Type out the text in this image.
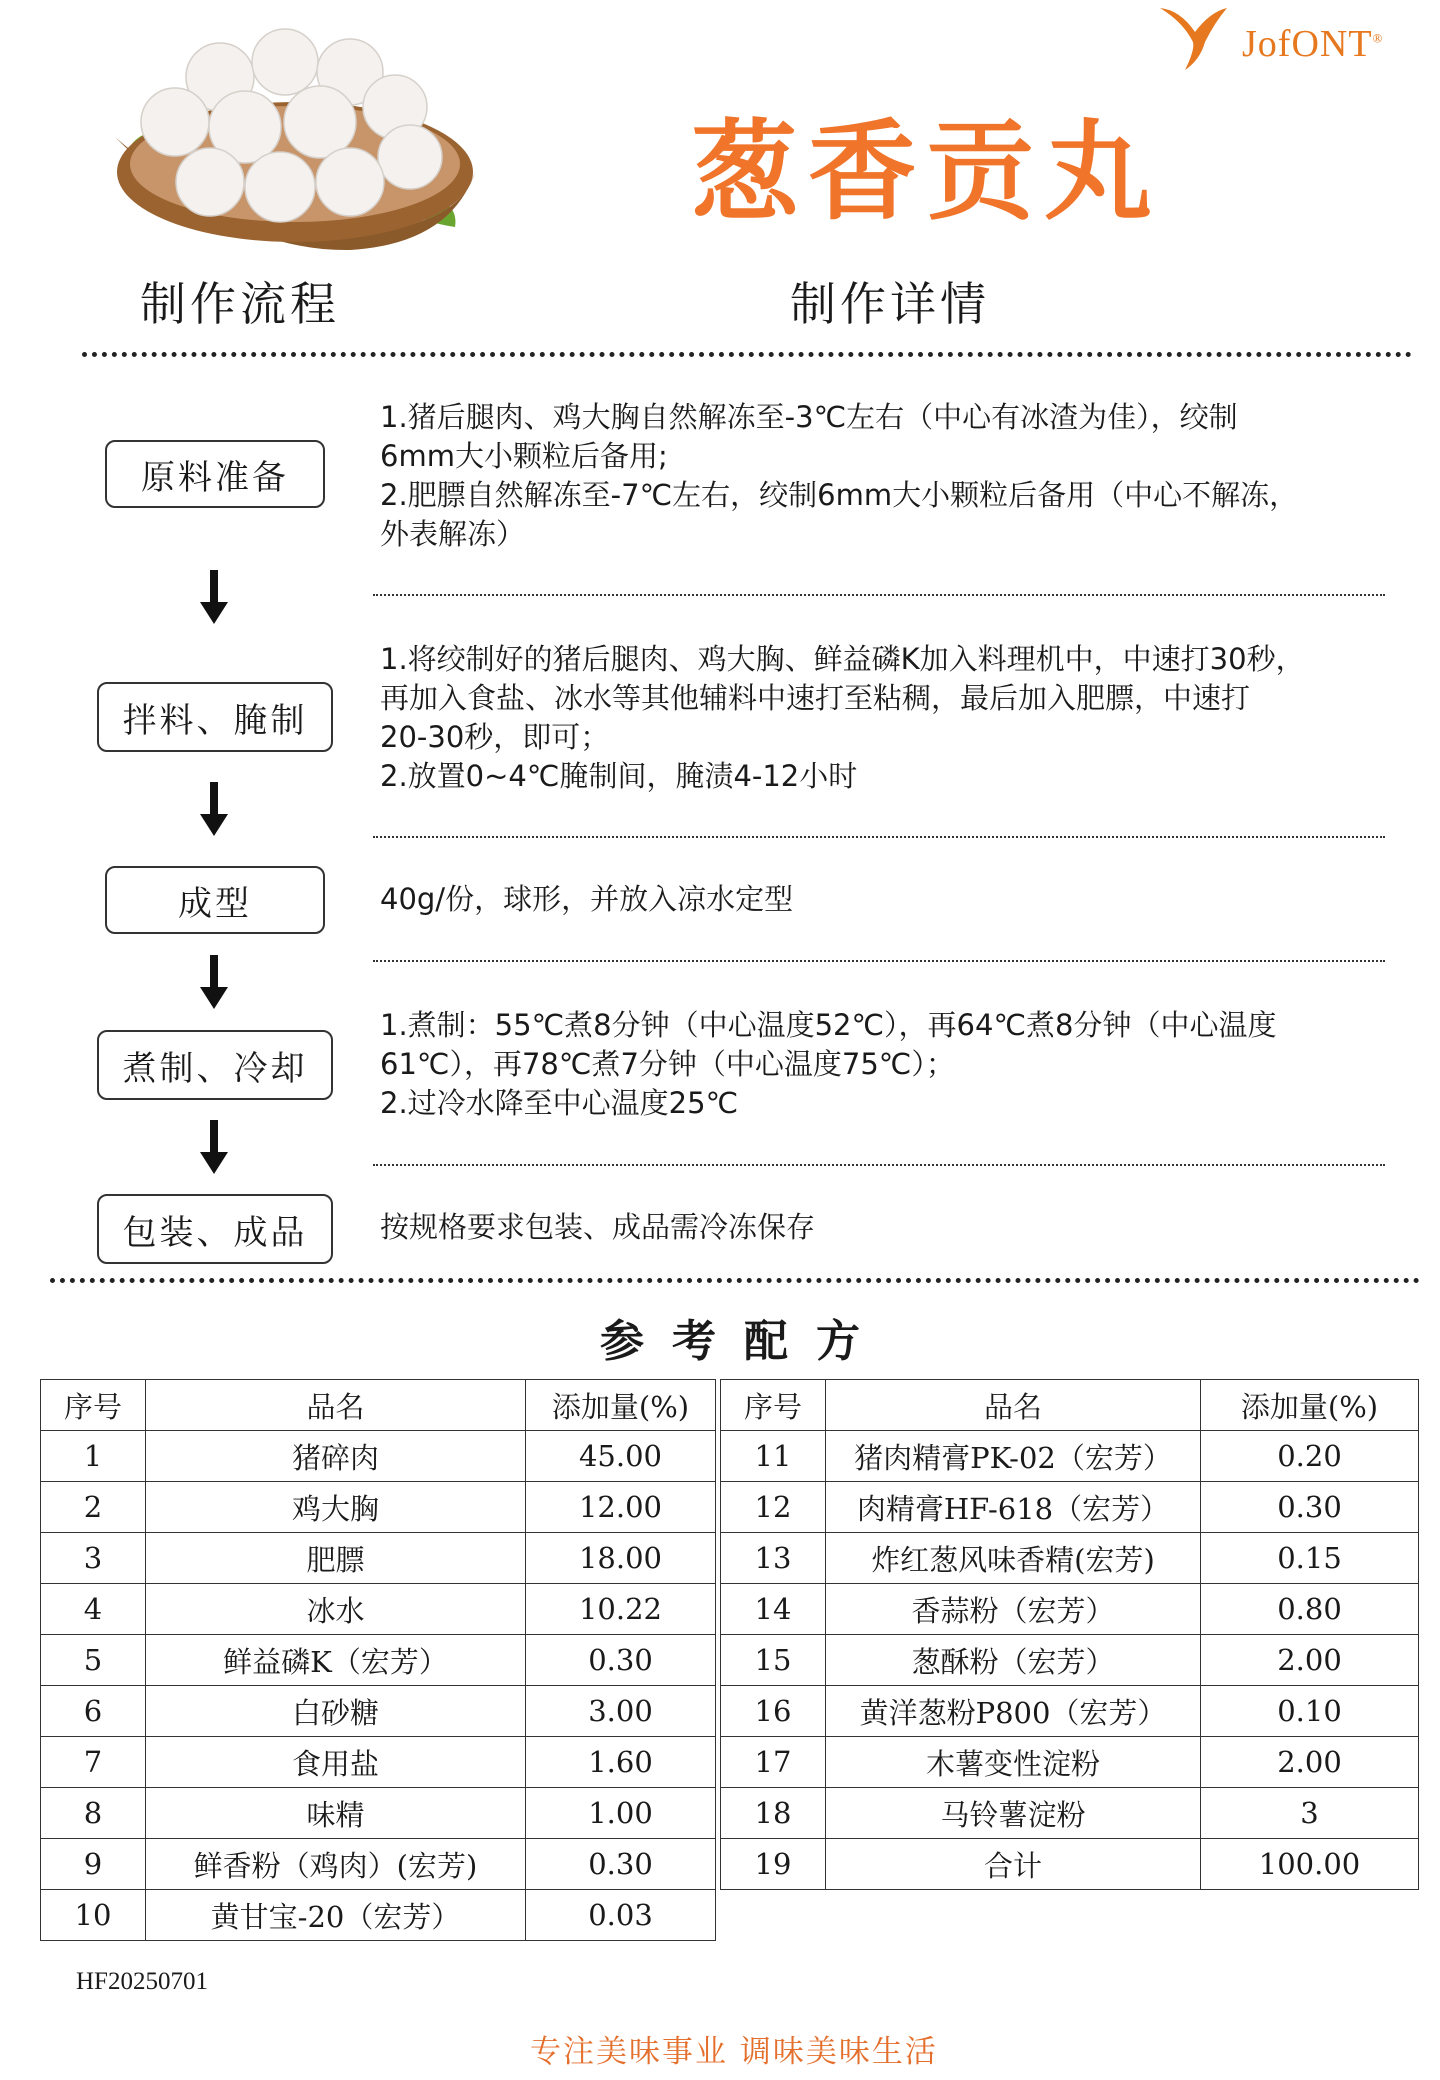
JofONT®
葱香贡丸
制作流程	制作详情
原料准备
1.猪后腿肉、鸡大胸自然解冻至-3℃左右（中心有冰渣为佳），绞制
6mm大小颗粒后备用;
2.肥膘自然解冻至-7℃左右，绞制6mm大小颗粒后备用（中心不解冻，
外表解冻）
拌料、腌制
1.将绞制好的猪后腿肉、鸡大胸、鲜益磷K加入料理机中，中速打30秒，
再加入食盐、冰水等其他辅料中速打至粘稠，最后加入肥膘，中速打
20-30秒，即可；
2.放置0~4℃腌制间，腌渍4-12小时
成型	40g/份，球形，并放入凉水定型
煮制、冷却
1.煮制：55℃煮8分钟（中心温度52℃），再64℃煮8分钟（中心温度
61℃），再78℃煮7分钟（中心温度75℃）；
2.过冷水降至中心温度25℃
包装、成品	按规格要求包装、成品需冷冻保存
参考配方
序号	品名	添加量(%)
1	猪碎肉	45.00
2	鸡大胸	12.00
3	肥膘	18.00
4	冰水	10.22
5	鲜益磷K（宏芳）	0.30
6	白砂糖	3.00
7	食用盐	1.60
8	味精	1.00
9	鲜香粉（鸡肉）(宏芳)	0.30
10	黄甘宝-20（宏芳）	0.03
序号	品名	添加量(%)
11	猪肉精膏PK-02（宏芳）	0.20
12	肉精膏HF-618（宏芳）	0.30
13	炸红葱风味香精(宏芳)	0.15
14	香蒜粉（宏芳）	0.80
15	葱酥粉（宏芳）	2.00
16	黄洋葱粉P800（宏芳）	0.10
17	木薯变性淀粉	2.00
18	马铃薯淀粉	3
19	合计	100.00
HF20250701
专注美味事业 调味美味生活
